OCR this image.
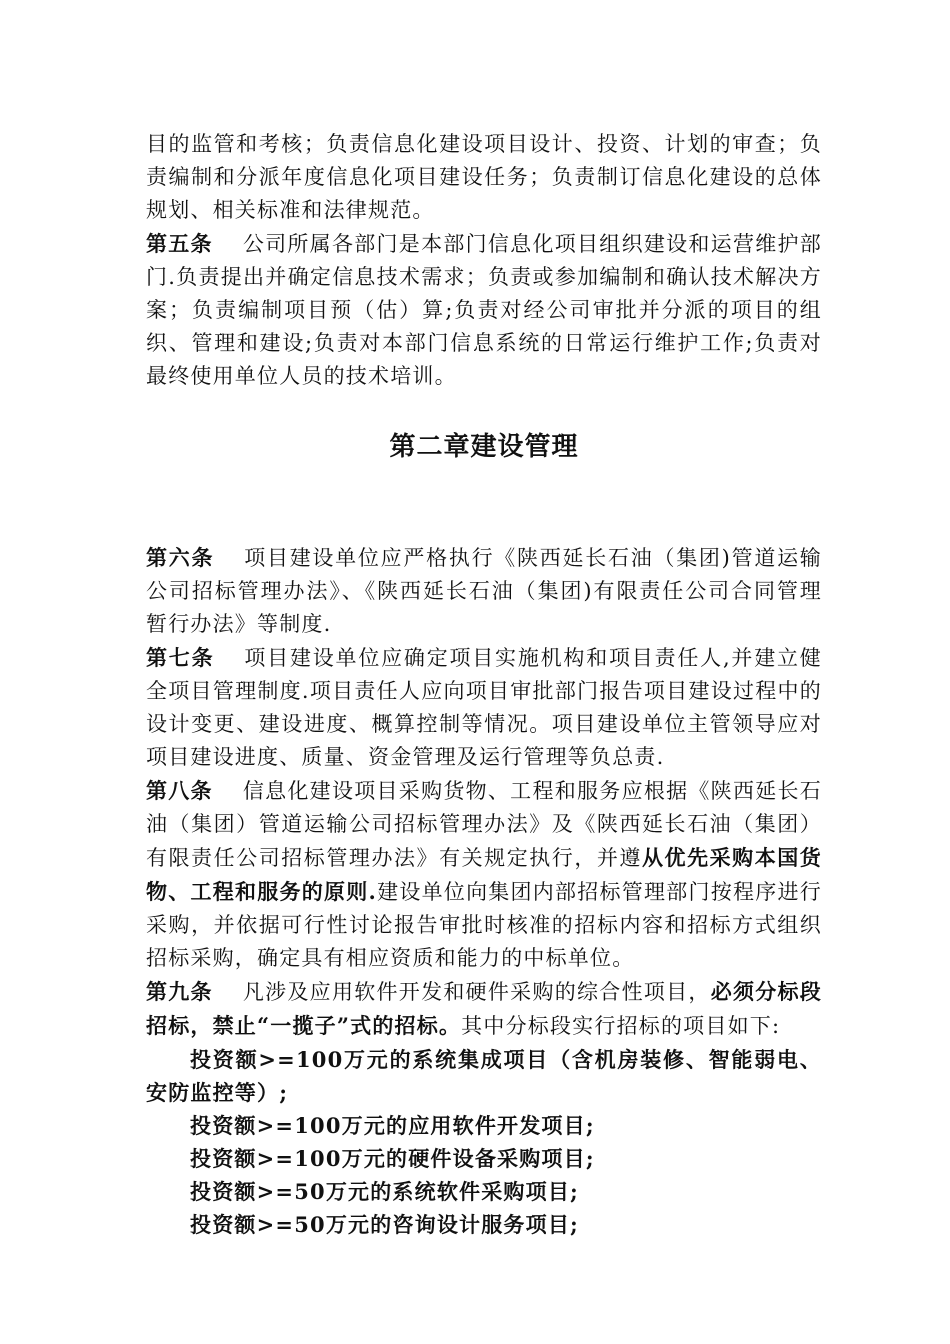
目的监管和考核；负责信息化建设项目设计、投资、计划的审查；负责编制和分派年度信息化项目建设任务；负责制订信息化建设的总体规划、相关标准和法律规范。

第五条 公司所属各部门是本部门信息化项目组织建设和运营维护部门.负责提出并确定信息技术需求；负责或参加编制和确认技术解决方案；负责编制项目预（估）算;负责对经公司审批并分派的项目的组织、管理和建设;负责对本部门信息系统的日常运行维护工作;负责对最终使用单位人员的技术培训。

第二章建设管理

第六条 项目建设单位应严格执行《陕西延长石油（集团)管道运输公司招标管理办法》、《陕西延长石油（集团)有限责任公司合同管理暂行办法》等制度.

第七条 项目建设单位应确定项目实施机构和项目责任人,并建立健全项目管理制度.项目责任人应向项目审批部门报告项目建设过程中的设计变更、建设进度、概算控制等情况。项目建设单位主管领导应对项目建设进度、质量、资金管理及运行管理等负总责.

第八条 信息化建设项目采购货物、工程和服务应根据《陕西延长石油（集团）管道运输公司招标管理办法》及《陕西延长石油（集团）有限责任公司招标管理办法》有关规定执行，并遵从优先采购本国货物、工程和服务的原则.建设单位向集团内部招标管理部门按程序进行采购，并依据可行性讨论报告审批时核准的招标内容和招标方式组织招标采购，确定具有相应资质和能力的中标单位。

第九条 凡涉及应用软件开发和硬件采购的综合性项目，必须分标段招标，禁止“一揽子”式的招标。其中分标段实行招标的项目如下:

投资额>=100万元的系统集成项目（含机房装修、智能弱电、安防监控等）;

投资额>=100万元的应用软件开发项目;

投资额>=100万元的硬件设备采购项目;

投资额>=50万元的系统软件采购项目;

投资额>=50万元的咨询设计服务项目;
